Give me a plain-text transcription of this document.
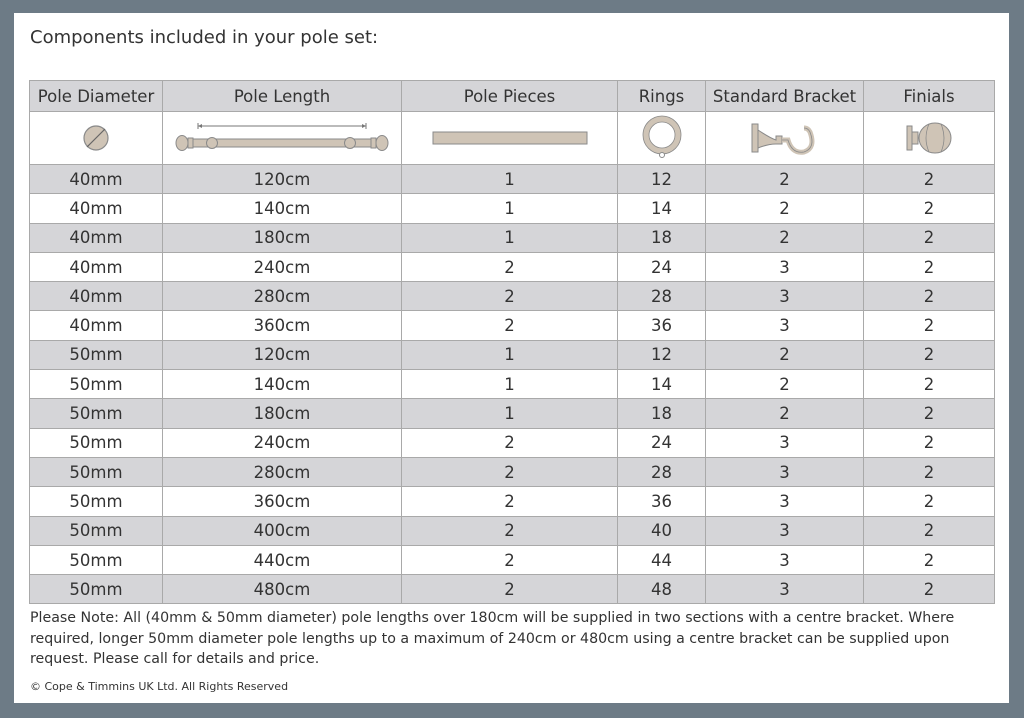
Components included in your pole set:
Pole Diameter	Pole Length	Pole Pieces	Rings	Standard Bracket	Finials

40mm	120cm	1	12	2	2
40mm	140cm	1	14	2	2
40mm	180cm	1	18	2	2
40mm	240cm	2	24	3	2
40mm	280cm	2	28	3	2
40mm	360cm	2	36	3	2
50mm	120cm	1	12	2	2
50mm	140cm	1	14	2	2
50mm	180cm	1	18	2	2
50mm	240cm	2	24	3	2
50mm	280cm	2	28	3	2
50mm	360cm	2	36	3	2
50mm	400cm	2	40	3	2
50mm	440cm	2	44	3	2
50mm	480cm	2	48	3	2
Please Note: All (40mm & 50mm diameter) pole lengths over 180cm will be supplied in two sections with a centre bracket. Where required, longer 50mm diameter pole lengths up to a maximum of 240cm or 480cm using a centre bracket can be supplied upon request. Please call for details and price.
© Cope & Timmins UK Ltd. All Rights Reserved
